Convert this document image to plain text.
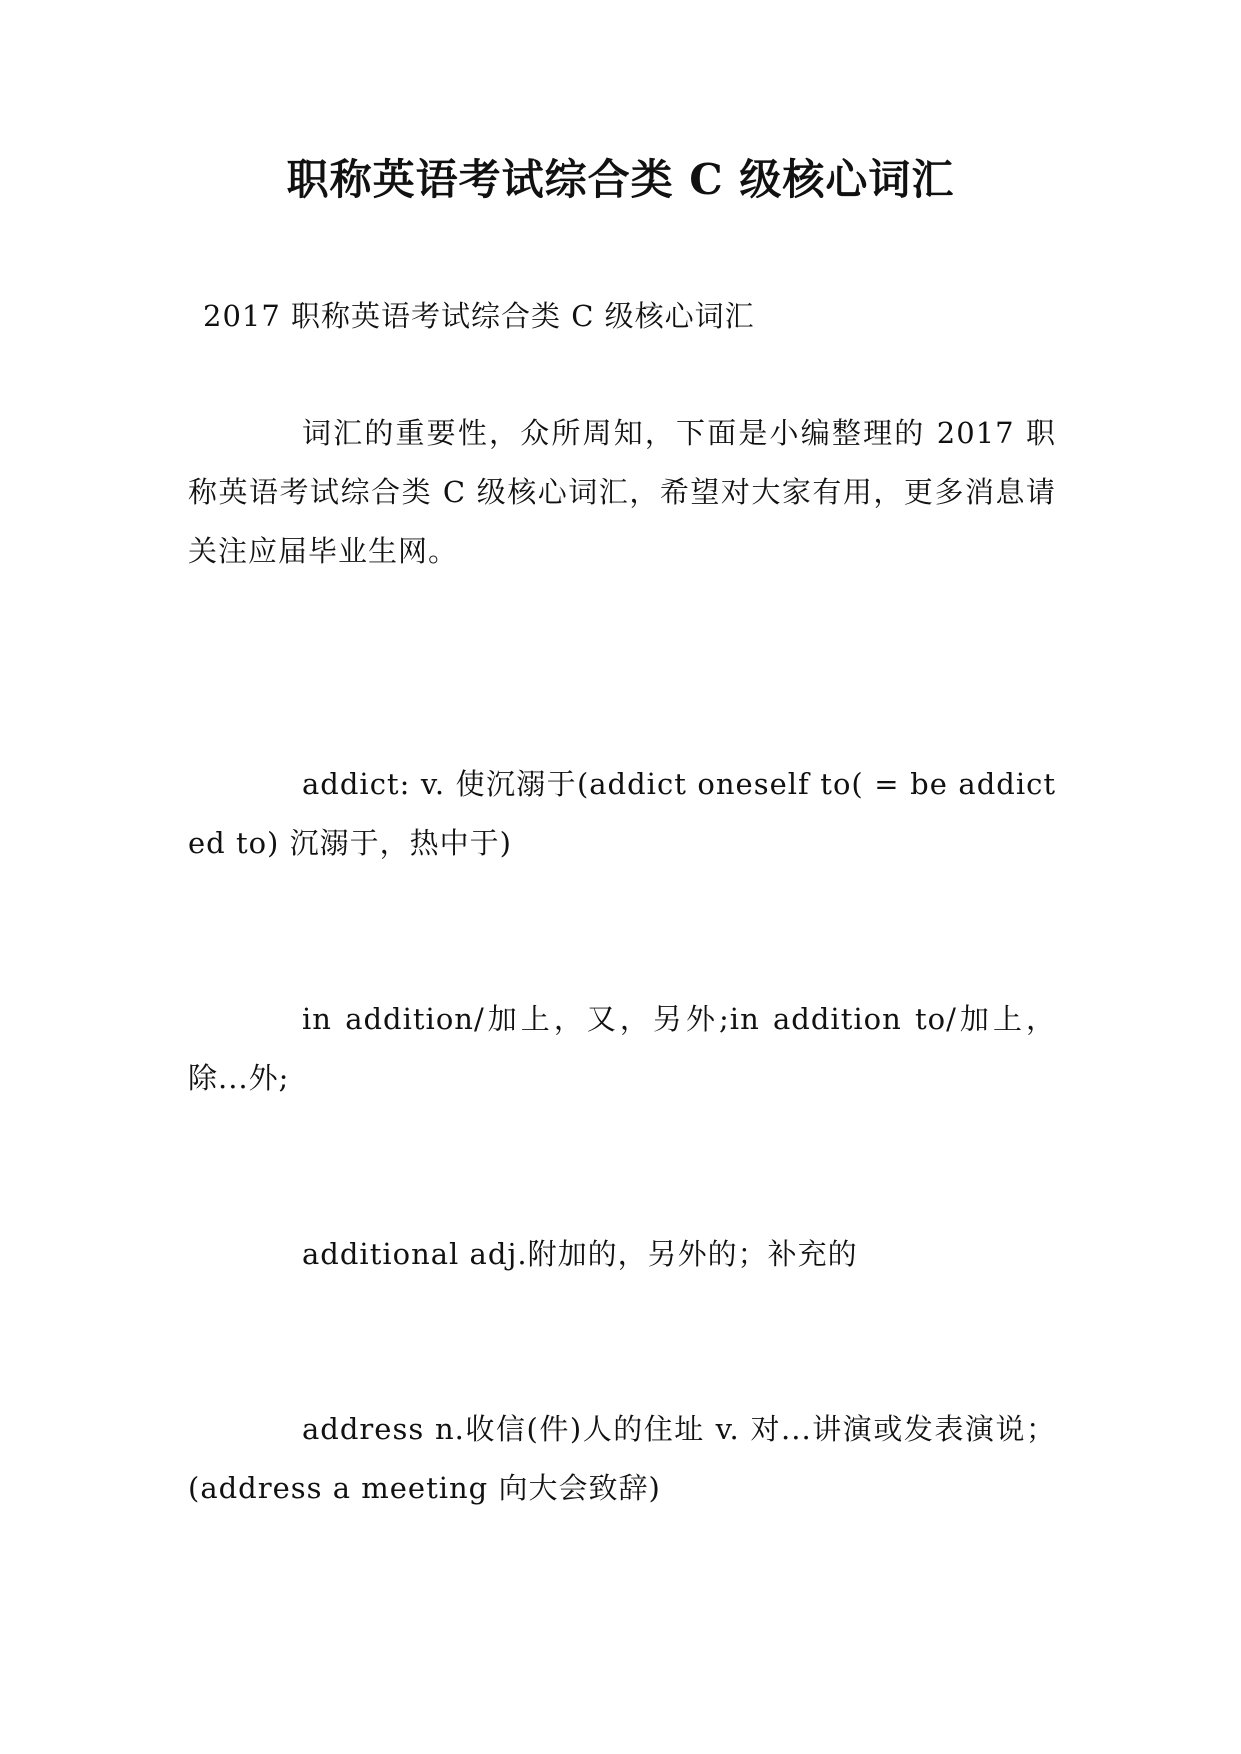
职称英语考试综合类 C 级核心词汇
2017 职称英语考试综合类 C 级核心词汇
词汇的重要性，众所周知，下面是小编整理的 2017 职称英语考试综合类 C 级核心词汇，希望对大家有用，更多消息请关注应届毕业生网。
addict: v. 使沉溺于(addict oneself to( = be addicted to) 沉溺于，热中于)
in addition/加上，又，另外;in addition to/加上，除...外;
additional adj.附加的，另外的；补充的
address n.收信(件)人的住址 v. 对...讲演或发表演说；(address a meeting 向大会致辞)
